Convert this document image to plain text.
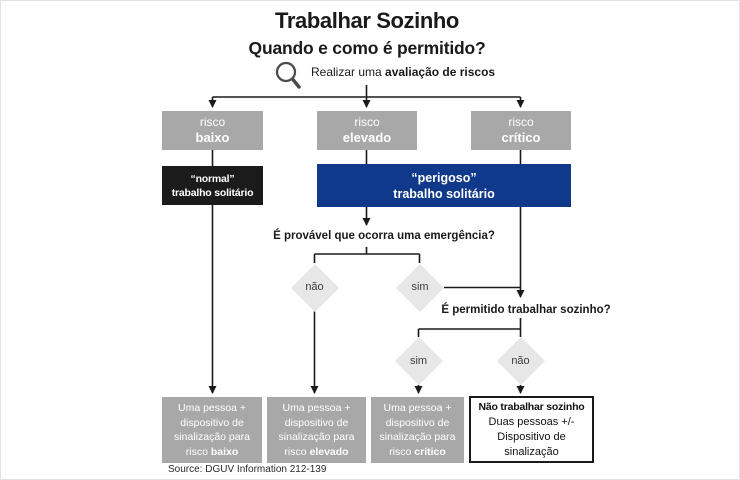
Trabalhar Sozinho
Quando e como é permitido?
Realizar uma avaliação de riscos
risco
baixo
risco
elevado
risco
crítico
“normal”
trabalho solitário
“perigoso”
trabalho solitário
É provável que ocorra uma emergência?
É permitido trabalhar sozinho?
não	sim
sim	não
Uma pessoa +
dispositivo de
sinalização para
risco baixo
Uma pessoa +
dispositivo de
sinalização para
risco elevado
Uma pessoa +
dispositivo de
sinalização para
risco crítico
Não trabalhar sozinho
Duas pessoas +/-
Dispositivo de
sinalização
Source: DGUV Information 212-139
